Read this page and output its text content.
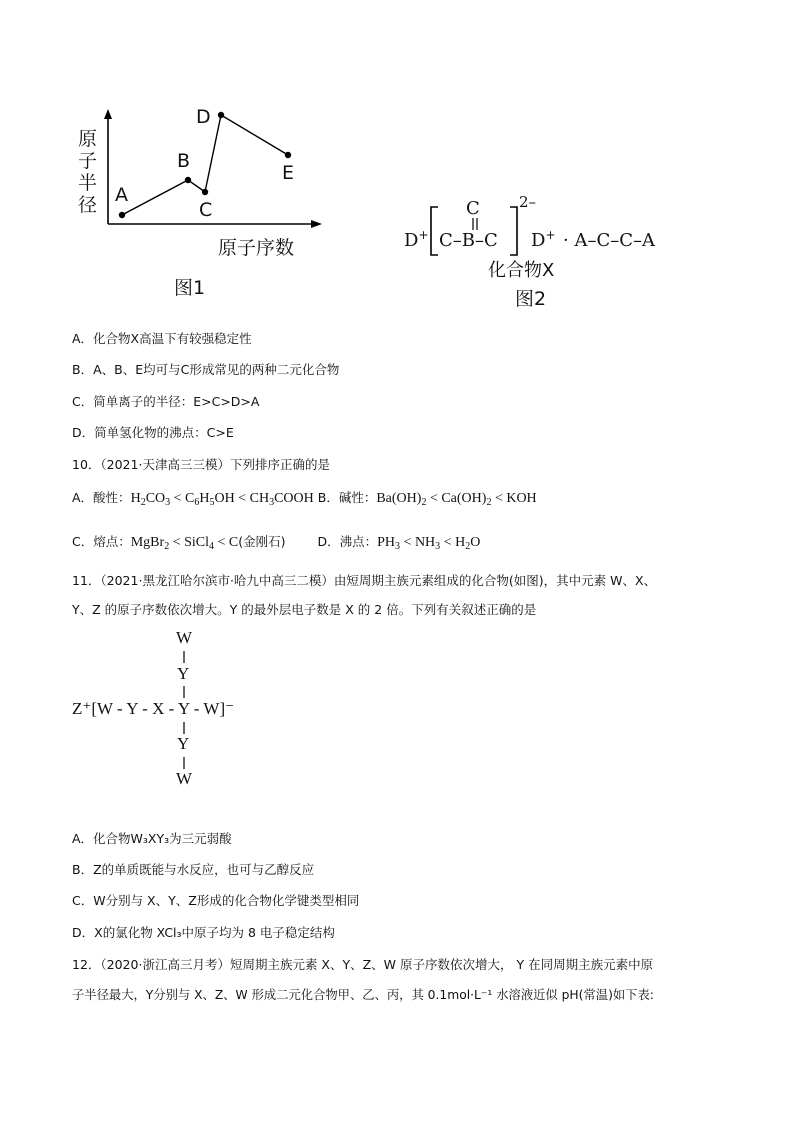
原
子
半
径
原子序数
A
B
C
D
E
图1
D+
C
C–B–C
2–
D+ · A–C–C–A
化合物X
图2
A．化合物X高温下有较强稳定性
B．A、B、E均可与C形成常见的两种二元化合物
C．简单离子的半径：E>C>D>A
D．简单氢化物的沸点：C>E
10．（2021·天津高三三模）下列排序正确的是
A．酸性：$H_2CO_3 < C_6H_5OH$ < $CH_3COOH$ B．碱性：$Ba(OH)_2 < Ca(OH)_2$ < KOH
C．熔点：MgBr$_2$ < SiCl$_4$ < C(金刚石)	D．沸点：$PH_3 < NH_3 < H_2O$
11．（2021·黑龙江哈尔滨市·哈九中高三二模）由短周期主族元素组成的化合物(如图)，其中元素 W、X、
Y、Z 的原子序数依次增大。Y 的最外层电子数是 X 的 2 倍。下列有关叙述正确的是
W
Y
Z⁺[W - Y - X - Y - W]⁻
Y
W
A．化合物W₃XY₃为三元弱酸
B．Z的单质既能与水反应，也可与乙醇反应
C．W分别与 X、Y、Z形成的化合物化学键类型相同
D．X的氯化物 XCl₃中原子均为 8 电子稳定结构
12．（2020·浙江高三月考）短周期主族元素 X、Y、Z、W 原子序数依次增大， Y 在同周期主族元素中原
子半径最大，Y分别与 X、Z、W 形成二元化合物甲、乙、丙，其 0.1mol·L⁻¹ 水溶液近似 pH(常温)如下表:
